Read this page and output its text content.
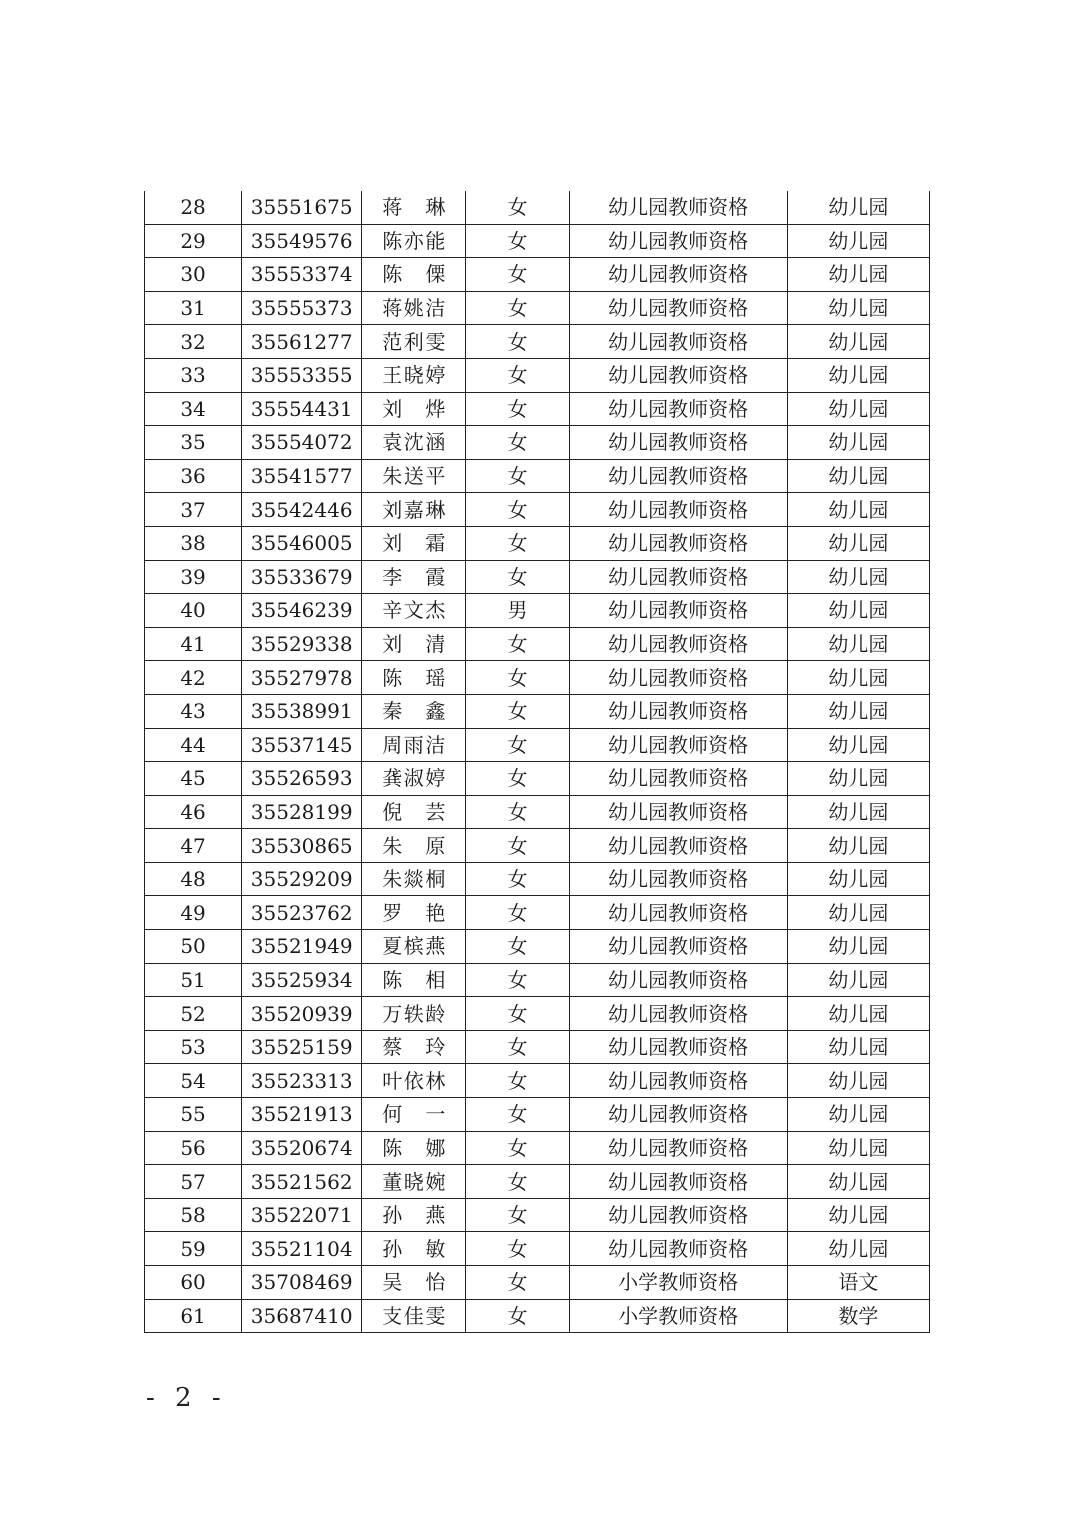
28	35551675	蒋琳	女	幼儿园教师资格	幼儿园
29	35549576	陈亦能	女	幼儿园教师资格	幼儿园
30	35553374	陈傈	女	幼儿园教师资格	幼儿园
31	35555373	蒋姚洁	女	幼儿园教师资格	幼儿园
32	35561277	范利雯	女	幼儿园教师资格	幼儿园
33	35553355	王晓婷	女	幼儿园教师资格	幼儿园
34	35554431	刘烨	女	幼儿园教师资格	幼儿园
35	35554072	袁沈涵	女	幼儿园教师资格	幼儿园
36	35541577	朱送平	女	幼儿园教师资格	幼儿园
37	35542446	刘嘉琳	女	幼儿园教师资格	幼儿园
38	35546005	刘霜	女	幼儿园教师资格	幼儿园
39	35533679	李霞	女	幼儿园教师资格	幼儿园
40	35546239	辛文杰	男	幼儿园教师资格	幼儿园
41	35529338	刘清	女	幼儿园教师资格	幼儿园
42	35527978	陈瑶	女	幼儿园教师资格	幼儿园
43	35538991	秦鑫	女	幼儿园教师资格	幼儿园
44	35537145	周雨洁	女	幼儿园教师资格	幼儿园
45	35526593	龚淑婷	女	幼儿园教师资格	幼儿园
46	35528199	倪芸	女	幼儿园教师资格	幼儿园
47	35530865	朱原	女	幼儿园教师资格	幼儿园
48	35529209	朱燚桐	女	幼儿园教师资格	幼儿园
49	35523762	罗艳	女	幼儿园教师资格	幼儿园
50	35521949	夏槟燕	女	幼儿园教师资格	幼儿园
51	35525934	陈相	女	幼儿园教师资格	幼儿园
52	35520939	万轶龄	女	幼儿园教师资格	幼儿园
53	35525159	蔡玲	女	幼儿园教师资格	幼儿园
54	35523313	叶依林	女	幼儿园教师资格	幼儿园
55	35521913	何一	女	幼儿园教师资格	幼儿园
56	35520674	陈娜	女	幼儿园教师资格	幼儿园
57	35521562	董晓婉	女	幼儿园教师资格	幼儿园
58	35522071	孙燕	女	幼儿园教师资格	幼儿园
59	35521104	孙敏	女	幼儿园教师资格	幼儿园
60	35708469	吴怡	女	小学教师资格	语文
61	35687410	支佳雯	女	小学教师资格	数学
- 2 -
